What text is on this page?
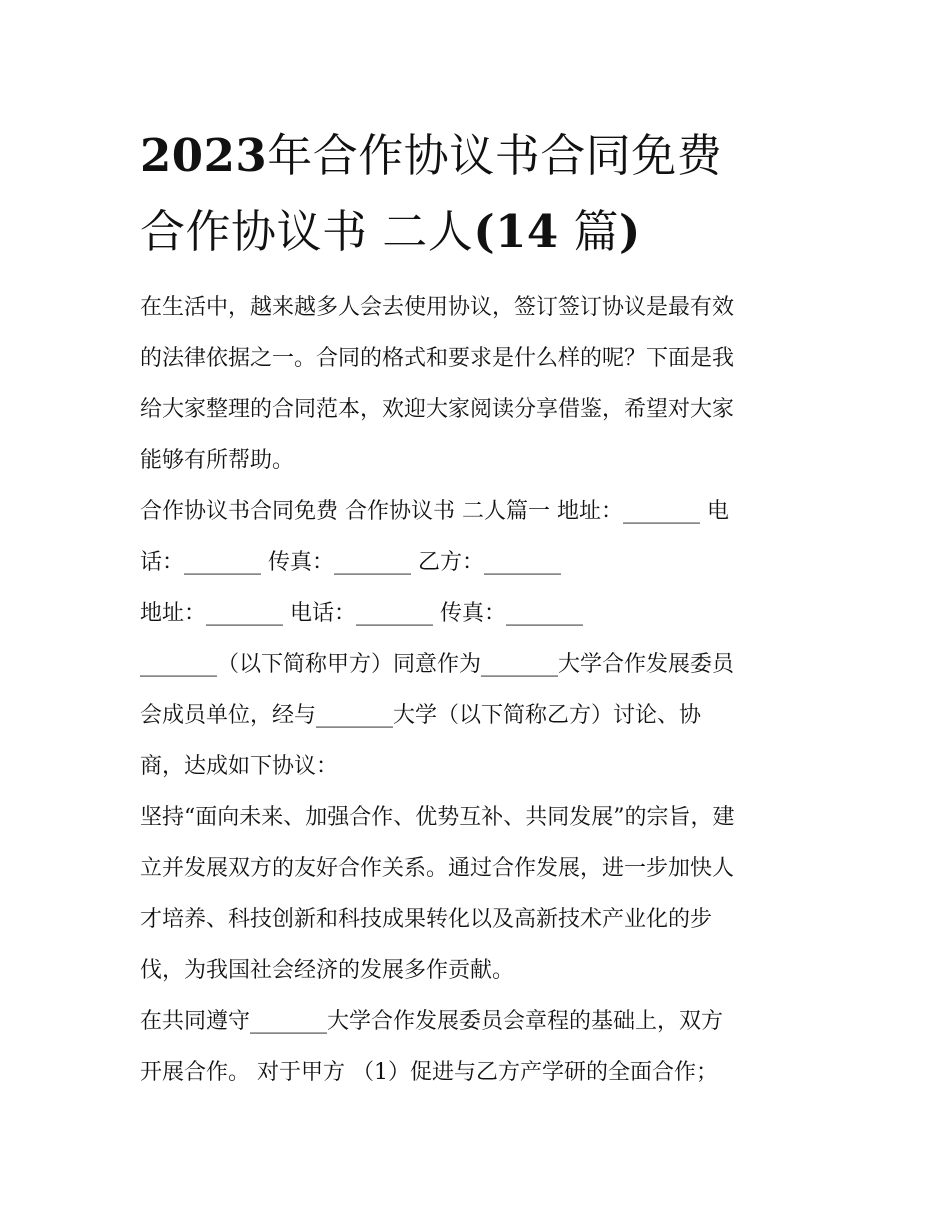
2023年合作协议书合同免费
合作协议书 二人(14 篇)

在生活中，越来越多人会去使用协议，签订签订协议是最有效
的法律依据之一。合同的格式和要求是什么样的呢？下面是我
给大家整理的合同范本，欢迎大家阅读分享借鉴，希望对大家
能够有所帮助。

合作协议书合同免费 合作协议书 二人篇一 地址：_______ 电
话：_______ 传真：_______ 乙方：_______

地址：_______ 电话：_______ 传真：_______

_______（以下简称甲方）同意作为_______大学合作发展委员
会成员单位，经与_______大学（以下简称乙方）讨论、协
商，达成如下协议：

坚持“面向未来、加强合作、优势互补、共同发展”的宗旨，建
立并发展双方的友好合作关系。通过合作发展，进一步加快人
才培养、科技创新和科技成果转化以及高新技术产业化的步
伐，为我国社会经济的发展多作贡献。

在共同遵守_______大学合作发展委员会章程的基础上，双方
开展合作。 对于甲方 （1）促进与乙方产学研的全面合作；
